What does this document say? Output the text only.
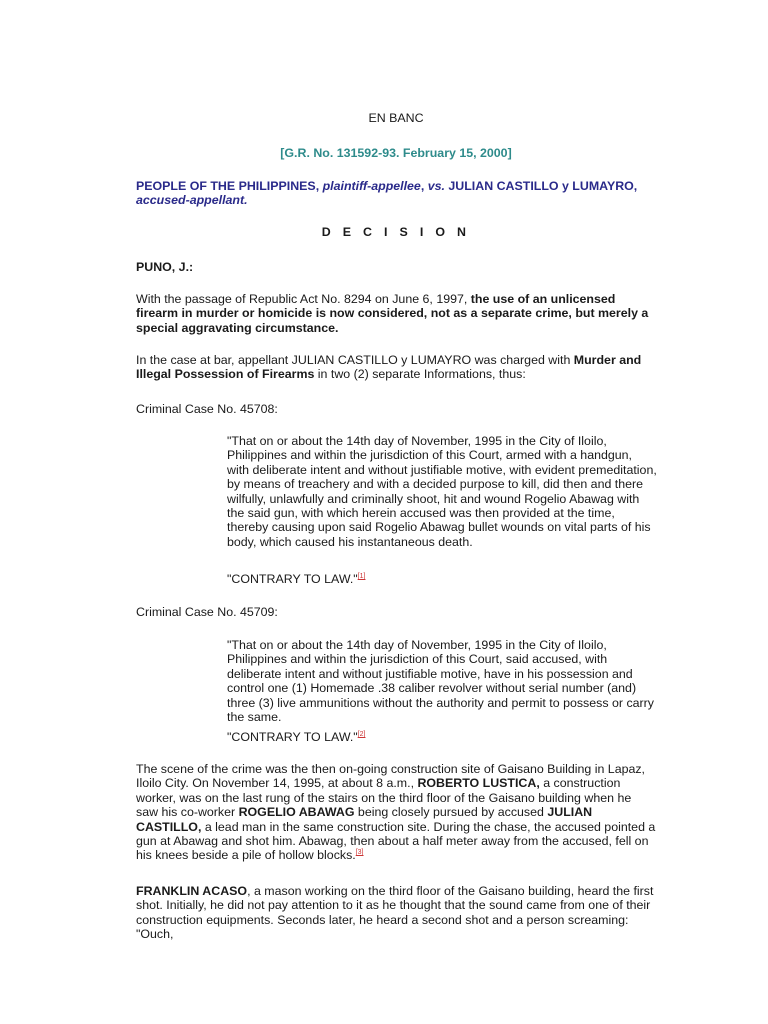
EN BANC
[G.R. No. 131592-93. February 15, 2000]
PEOPLE OF THE PHILIPPINES, plaintiff-appellee, vs. JULIAN CASTILLO y LUMAYRO,
accused-appellant.
D E C I S I O N
PUNO, J.:

With the passage of Republic Act No. 8294 on June 6, 1997, the use of an unlicensed firearm in murder or homicide is now considered, not as a separate crime, but merely a special aggravating circumstance.

In the case at bar, appellant JULIAN CASTILLO y LUMAYRO was charged with Murder and Illegal Possession of Firearms in two (2) separate Informations, thus:

Criminal Case No. 45708:

"That on or about the 14th day of November, 1995 in the City of Iloilo, Philippines and within the jurisdiction of this Court, armed with a handgun, with deliberate intent and without justifiable motive, with evident premeditation, by means of treachery and with a decided purpose to kill, did then and there wilfully, unlawfully and criminally shoot, hit and wound Rogelio Abawag with the said gun, with which herein accused was then provided at the time, thereby causing upon said Rogelio Abawag bullet wounds on vital parts of his body, which caused his instantaneous death.

"CONTRARY TO LAW."[1]
Criminal Case No. 45709:

"That on or about the 14th day of November, 1995 in the City of Iloilo, Philippines and within the jurisdiction of this Court, said accused, with deliberate intent and without justifiable motive, have in his possession and control one (1) Homemade .38 caliber revolver without serial number (and) three (3) live ammunitions without the authority and permit to possess or carry the same.

"CONTRARY TO LAW."[2]

The scene of the crime was the then on-going construction site of Gaisano Building in Lapaz, Iloilo City. On November 14, 1995, at about 8 a.m., ROBERTO LUSTICA, a construction worker, was on the last rung of the stairs on the third floor of the Gaisano building when he saw his co-worker ROGELIO ABAWAG being closely pursued by accused JULIAN CASTILLO, a lead man in the same construction site. During the chase, the accused pointed a gun at Abawag and shot him. Abawag, then about a half meter away from the accused, fell on his knees beside a pile of hollow blocks.[3]

FRANKLIN ACASO, a mason working on the third floor of the Gaisano building, heard the first shot. Initially, he did not pay attention to it as he thought that the sound came from one of their construction equipments. Seconds later, he heard a second shot and a person screaming: "Ouch,
